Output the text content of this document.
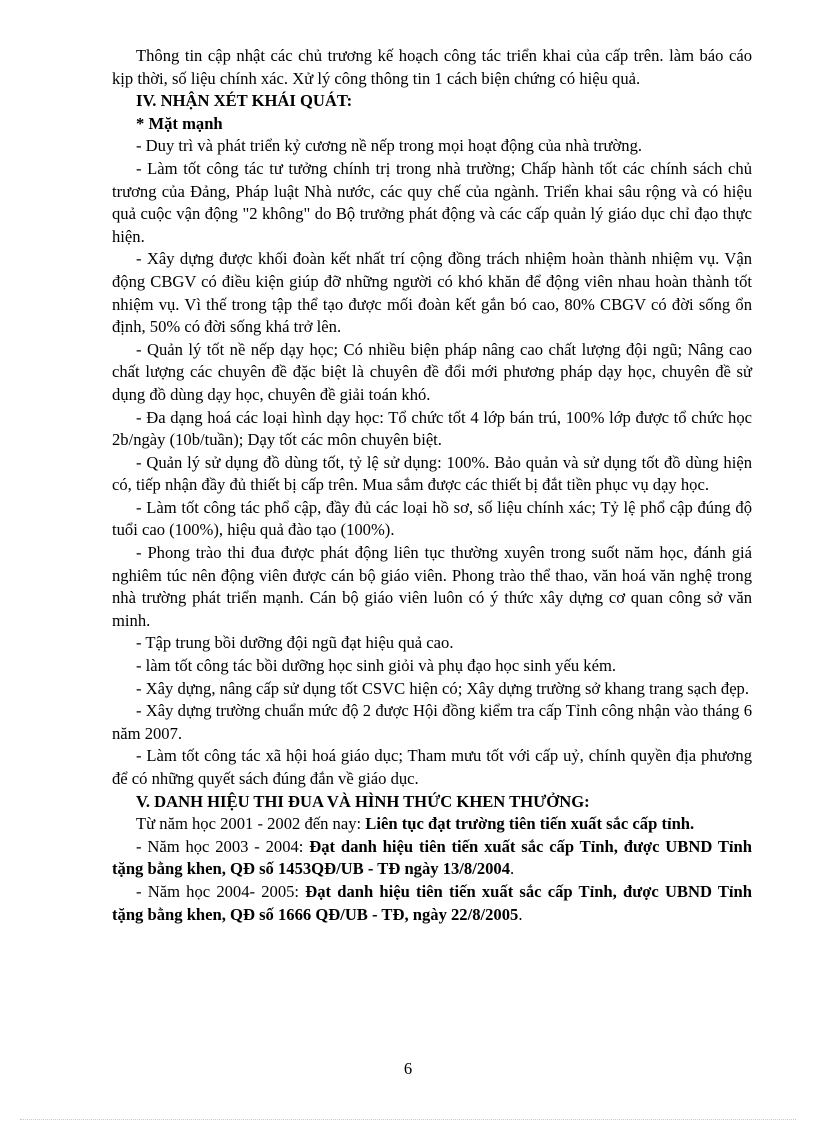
Thông tin cập nhật các chủ trương kế hoạch công tác triển khai của cấp trên. làm báo cáo kịp thời, số liệu chính xác. Xử lý công thông tin 1 cách biện chứng có hiệu quả.

IV. NHẬN XÉT KHÁI QUÁT:

* Mặt mạnh

- Duy trì và phát triển kỷ cương nề nếp trong mọi hoạt động của nhà trường.

- Làm tốt công tác tư tưởng chính trị trong nhà trường; Chấp hành tốt các chính sách chủ trương của Đảng, Pháp luật Nhà nước, các quy chế của ngành. Triển khai sâu rộng và có hiệu quả cuộc vận động "2 không" do Bộ trưởng phát động và các cấp quản lý giáo dục chỉ đạo thực hiện.

- Xây dựng được khối đoàn kết nhất trí cộng đồng trách nhiệm hoàn thành nhiệm vụ. Vận động CBGV có điều kiện giúp đỡ những người có khó khăn để động viên nhau hoàn thành tốt nhiệm vụ. Vì thế trong tập thể tạo được mối đoàn kết gắn bó cao, 80% CBGV có đời sống ổn định, 50% có đời sống khá trở lên.

- Quản lý tốt nề nếp dạy học; Có nhiều biện pháp nâng cao chất lượng đội ngũ; Nâng cao chất lượng các chuyên đề đặc biệt là chuyên đề đổi mới phương pháp dạy học, chuyên đề sử dụng đồ dùng dạy học, chuyên đề giải toán khó.

- Đa dạng hoá các loại hình dạy học: Tổ chức tốt 4 lớp bán trú, 100% lớp được tổ chức học 2b/ngày (10b/tuần); Dạy tốt các môn chuyên biệt.

- Quản lý sử dụng đồ dùng tốt, tỷ lệ sử dụng: 100%. Bảo quản và sử dụng tốt đồ dùng hiện có, tiếp nhận đầy đủ thiết bị cấp trên. Mua sắm được các thiết bị đắt tiền phục vụ dạy học.

- Làm tốt công tác phổ cập, đầy đủ các loại hồ sơ, số liệu chính xác; Tỷ lệ phổ cập đúng độ tuổi cao (100%), hiệu quả đào tạo (100%).

- Phong trào thi đua được phát động liên tục thường xuyên trong suốt năm học, đánh giá nghiêm túc nên động viên được cán bộ giáo viên. Phong trào thể thao, văn hoá văn nghệ trong nhà trường phát triển mạnh. Cán bộ giáo viên luôn có ý thức xây dựng cơ quan công sở văn minh.

- Tập trung bồi dưỡng đội ngũ đạt hiệu quả cao.

- làm tốt công tác bồi dưỡng học sinh giỏi và phụ đạo học sinh yếu kém.

- Xây dựng, nâng cấp sử dụng tốt CSVC hiện có; Xây dựng trường sở khang trang sạch đẹp.

- Xây dựng trường chuẩn mức độ 2 được Hội đồng kiểm tra cấp Tỉnh công nhận vào tháng 6 năm 2007.

- Làm tốt công tác xã hội hoá giáo dục; Tham mưu tốt với cấp uỷ, chính quyền địa phương để có những quyết sách đúng đắn về giáo dục.

V. DANH HIỆU THI ĐUA VÀ HÌNH THỨC KHEN THƯỞNG:

Từ năm học 2001 - 2002 đến nay: Liên tục đạt trường tiên tiến xuất sắc cấp tỉnh.

- Năm học 2003 - 2004: Đạt danh hiệu tiên tiến xuất sắc cấp Tỉnh, được UBND Tỉnh tặng bằng khen, QĐ số 1453QĐ/UB - TĐ ngày 13/8/2004.

- Năm học 2004- 2005: Đạt danh hiệu tiên tiến xuất sắc cấp Tỉnh, được UBND Tỉnh tặng bằng khen, QĐ số 1666 QĐ/UB - TĐ, ngày 22/8/2005.

6
